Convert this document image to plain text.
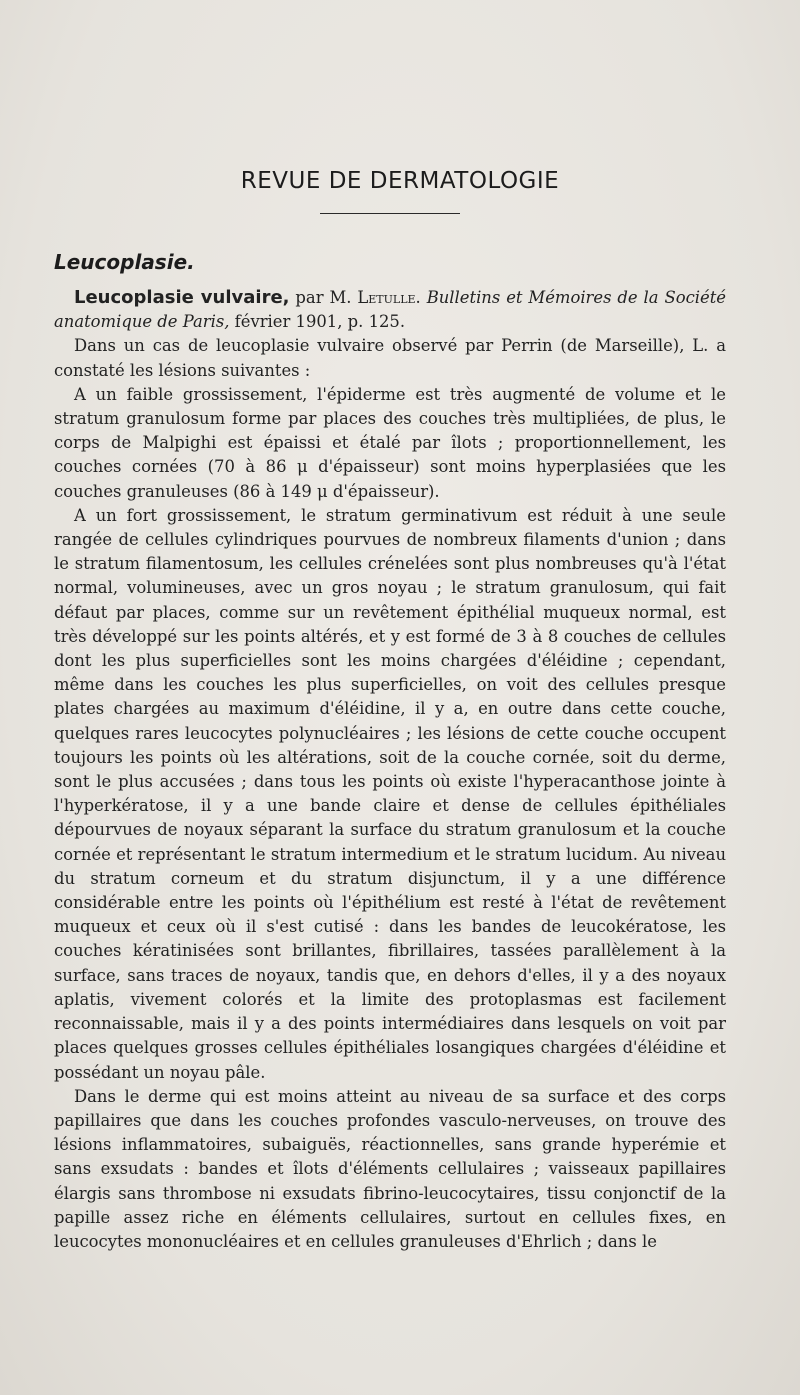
REVUE DE DERMATOLOGIE
Leucoplasie.

Leucoplasie vulvaire, par M. Letulle. Bulletins et Mémoires de la Société anatomique de Paris, février 1901, p. 125.

Dans un cas de leucoplasie vulvaire observé par Perrin (de Marseille), L. a constaté les lésions suivantes :

A un faible grossissement, l'épiderme est très augmenté de volume et le stratum granulosum forme par places des couches très multipliées, de plus, le corps de Malpighi est épaissi et étalé par îlots ; proportionnellement, les couches cornées (70 à 86 μ d'épaisseur) sont moins hyperplasiées que les couches granuleuses (86 à 149 μ d'épaisseur).

A un fort grossissement, le stratum germinativum est réduit à une seule rangée de cellules cylindriques pourvues de nombreux filaments d'union ; dans le stratum filamentosum, les cellules crénelées sont plus nombreuses qu'à l'état normal, volumineuses, avec un gros noyau ; le stratum granulosum, qui fait défaut par places, comme sur un revêtement épithélial muqueux normal, est très développé sur les points altérés, et y est formé de 3 à 8 couches de cellules dont les plus superficielles sont les moins chargées d'éléidine ; cependant, même dans les couches les plus superficielles, on voit des cellules presque plates chargées au maximum d'éléidine, il y a, en outre dans cette couche, quelques rares leucocytes polynucléaires ; les lésions de cette couche occupent toujours les points où les altérations, soit de la couche cornée, soit du derme, sont le plus accusées ; dans tous les points où existe l'hyperacanthose jointe à l'hyperkératose, il y a une bande claire et dense de cellules épithéliales dépourvues de noyaux séparant la surface du stratum granulosum et la couche cornée et représentant le stratum intermedium et le stratum lucidum. Au niveau du stratum corneum et du stratum disjunctum, il y a une différence considérable entre les points où l'épithélium est resté à l'état de revêtement muqueux et ceux où il s'est cutisé : dans les bandes de leucokératose, les couches kératinisées sont brillantes, fibrillaires, tassées parallèlement à la surface, sans traces de noyaux, tandis que, en dehors d'elles, il y a des noyaux aplatis, vivement colorés et la limite des protoplasmas est facilement reconnaissable, mais il y a des points intermédiaires dans lesquels on voit par places quelques grosses cellules épithéliales losangiques chargées d'éléidine et possédant un noyau pâle.

Dans le derme qui est moins atteint au niveau de sa surface et des corps papillaires que dans les couches profondes vasculo-nerveuses, on trouve des lésions inflammatoires, subaiguës, réactionnelles, sans grande hyperémie et sans exsudats : bandes et îlots d'éléments cellulaires ; vaisseaux papillaires élargis sans thrombose ni exsudats fibrino-leucocytaires, tissu conjonctif de la papille assez riche en éléments cellulaires, surtout en cellules fixes, en leucocytes mononucléaires et en cellules granuleuses d'Ehrlich ; dans le
